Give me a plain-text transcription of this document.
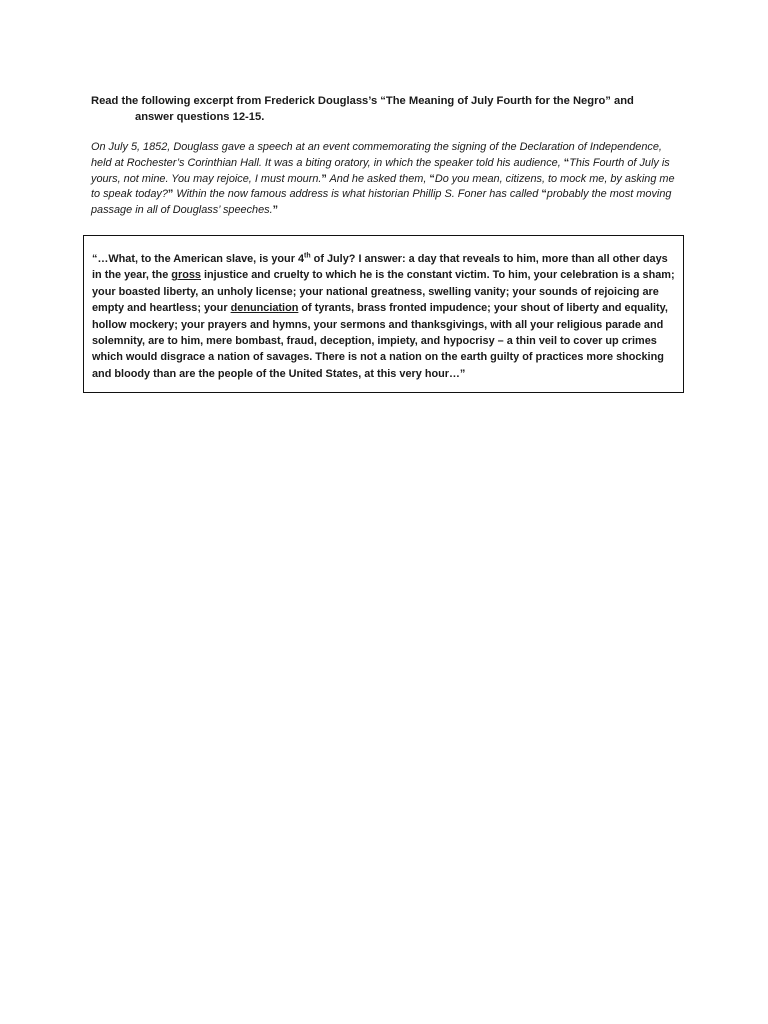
Read the following excerpt from Frederick Douglass’s “The Meaning of July Fourth for the Negro” and
answer questions 12-15.

On July 5, 1852, Douglass gave a speech at an event commemorating the signing of the Declaration of Independence, held at Rochester’s Corinthian Hall. It was a biting oratory, in which the speaker told his audience, “This Fourth of July is yours, not mine. You may rejoice, I must mourn.” And he asked them, “Do you mean, citizens, to mock me, by asking me to speak today?” Within the now famous address is what historian Phillip S. Foner has called “probably the most moving passage in all of Douglass’ speeches.”

“…What, to the American slave, is your 4th of July? I answer: a day that reveals to him, more than all other days in the year, the gross injustice and cruelty to which he is the constant victim. To him, your celebration is a sham; your boasted liberty, an unholy license; your national greatness, swelling vanity; your sounds of rejoicing are empty and heartless; your denunciation of tyrants, brass fronted impudence; your shout of liberty and equality, hollow mockery; your prayers and hymns, your sermons and thanksgivings, with all your religious parade and solemnity, are to him, mere bombast, fraud, deception, impiety, and hypocrisy – a thin veil to cover up crimes which would disgrace a nation of savages. There is not a nation on the earth guilty of practices more shocking and bloody than are the people of the United States, at this very hour…”
